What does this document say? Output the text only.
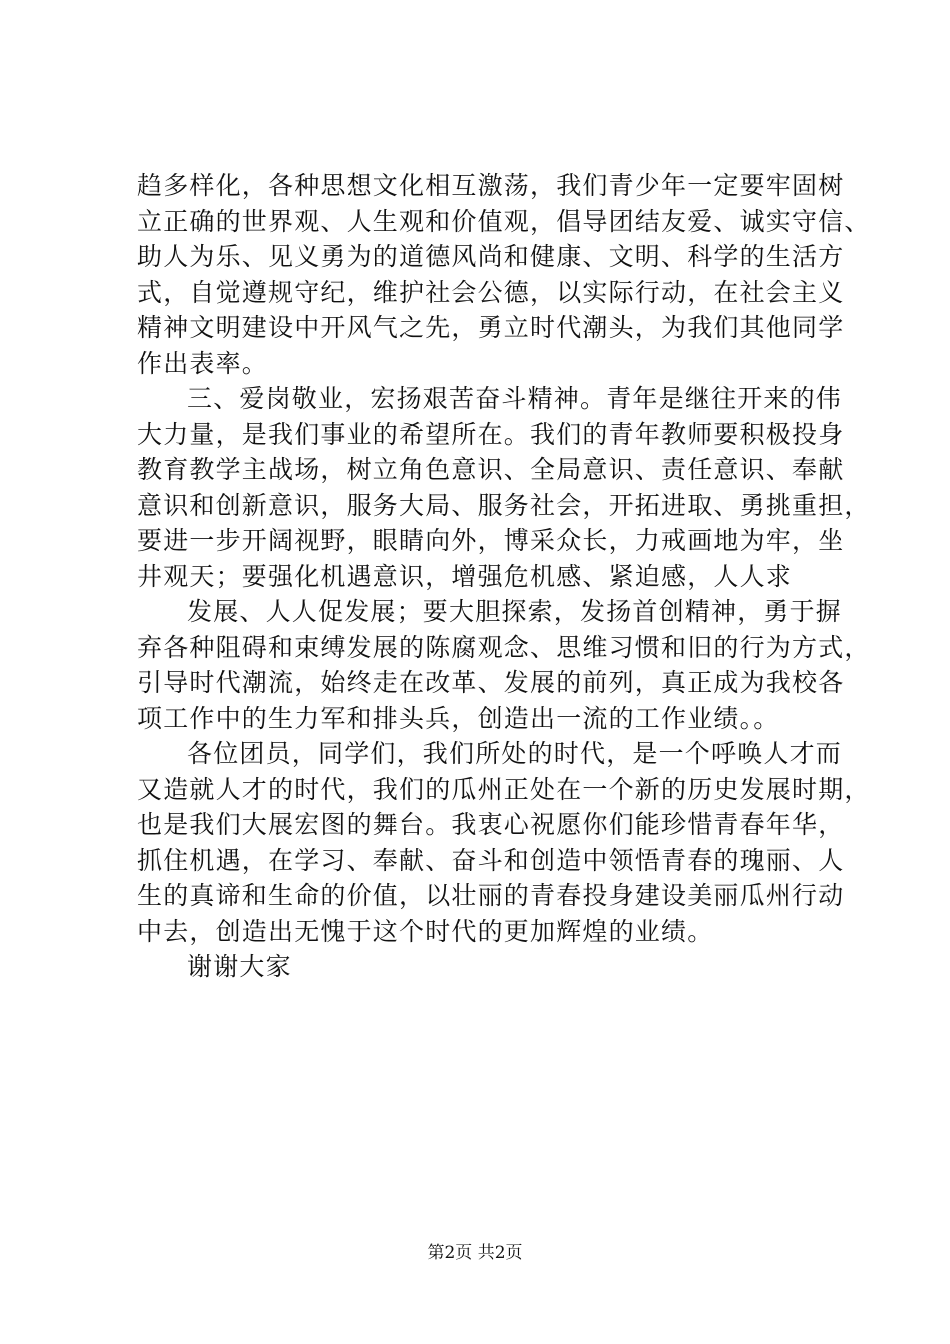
趋多样化，各种思想文化相互激荡，我们青少年一定要牢固树
立正确的世界观、人生观和价值观，倡导团结友爱、诚实守信、
助人为乐、见义勇为的道德风尚和健康、文明、科学的生活方
式，自觉遵规守纪，维护社会公德，以实际行动，在社会主义
精神文明建设中开风气之先，勇立时代潮头，为我们其他同学
作出表率。
三、爱岗敬业，宏扬艰苦奋斗精神。青年是继往开来的伟
大力量，是我们事业的希望所在。我们的青年教师要积极投身
教育教学主战场，树立角色意识、全局意识、责任意识、奉献
意识和创新意识，服务大局、服务社会，开拓进取、勇挑重担，
要进一步开阔视野，眼睛向外，博采众长，力戒画地为牢，坐
井观天；要强化机遇意识，增强危机感、紧迫感，人人求
发展、人人促发展；要大胆探索，发扬首创精神，勇于摒
弃各种阻碍和束缚发展的陈腐观念、思维习惯和旧的行为方式，
引导时代潮流，始终走在改革、发展的前列，真正成为我校各
项工作中的生力军和排头兵，创造出一流的工作业绩。。
各位团员，同学们，我们所处的时代，是一个呼唤人才而
又造就人才的时代，我们的瓜州正处在一个新的历史发展时期，
也是我们大展宏图的舞台。我衷心祝愿你们能珍惜青春年华，
抓住机遇，在学习、奉献、奋斗和创造中领悟青春的瑰丽、人
生的真谛和生命的价值，以壮丽的青春投身建设美丽瓜州行动
中去，创造出无愧于这个时代的更加辉煌的业绩。
谢谢大家
第2页 共2页
